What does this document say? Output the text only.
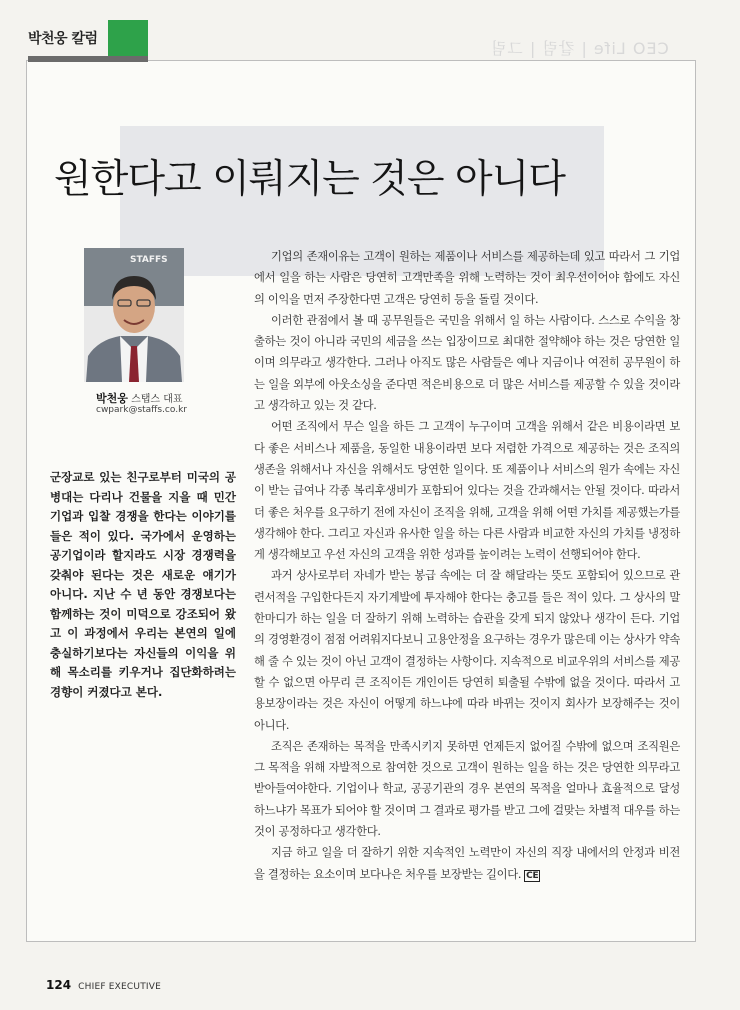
박천웅 칼럼	CEO Life | 칼럼 | 그림
원한다고 이뤄지는 것은 아니다
STAFFS
박천웅 스탭스 대표
cwpark@staffs.co.kr
군장교로 있는 친구로부터 미국의 공병대는 다리나 건물을 지을 때 민간 기업과 입찰 경쟁을 한다는 이야기를 들은 적이 있다. 국가에서 운영하는 공기업이라 할지라도 시장 경쟁력을 갖춰야 된다는 것은 새로운 얘기가 아니다. 지난 수 년 동안 경쟁보다는 함께하는 것이 미덕으로 강조되어 왔고 이 과정에서 우리는 본연의 일에 충실하기보다는 자신들의 이익을 위해 목소리를 키우거나 집단화하려는 경향이 커졌다고 본다.

기업의 존재이유는 고객이 원하는 제품이나 서비스를 제공하는데 있고 따라서 그 기업에서 일을 하는 사람은 당연히 고객만족을 위해 노력하는 것이 최우선이어야 함에도 자신의 이익을 먼저 주장한다면 고객은 당연히 등을 돌릴 것이다.

이러한 관점에서 볼 때 공무원들은 국민을 위해서 일 하는 사람이다. 스스로 수익을 창출하는 것이 아니라 국민의 세금을 쓰는 입장이므로 최대한 절약해야 하는 것은 당연한 일이며 의무라고 생각한다. 그러나 아직도 많은 사람들은 예나 지금이나 여전히 공무원이 하는 일을 외부에 아웃소싱을 준다면 적은비용으로 더 많은 서비스를 제공할 수 있을 것이라고 생각하고 있는 것 같다.

어떤 조직에서 무슨 일을 하든 그 고객이 누구이며 고객을 위해서 같은 비용이라면 보다 좋은 서비스나 제품을, 동일한 내용이라면 보다 저렴한 가격으로 제공하는 것은 조직의 생존을 위해서나 자신을 위해서도 당연한 일이다. 또 제품이나 서비스의 원가 속에는 자신이 받는 급여나 각종 복리후생비가 포함되어 있다는 것을 간과해서는 안될 것이다. 따라서 더 좋은 처우를 요구하기 전에 자신이 조직을 위해, 고객을 위해 어떤 가치를 제공했는가를 생각해야 한다. 그리고 자신과 유사한 일을 하는 다른 사람과 비교한 자신의 가치를 냉정하게 생각해보고 우선 자신의 고객을 위한 성과를 높이려는 노력이 선행되어야 한다.

과거 상사로부터 자네가 받는 봉급 속에는 더 잘 해달라는 뜻도 포함되어 있으므로 관련서적을 구입한다든지 자기계발에 투자해야 한다는 충고를 들은 적이 있다. 그 상사의 말 한마디가 하는 일을 더 잘하기 위해 노력하는 습관을 갖게 되지 않았나 생각이 든다. 기업의 경영환경이 점점 어려워지다보니 고용안정을 요구하는 경우가 많은데 이는 상사가 약속해 줄 수 있는 것이 아닌 고객이 결정하는 사항이다. 지속적으로 비교우위의 서비스를 제공할 수 없으면 아무리 큰 조직이든 개인이든 당연히 퇴출될 수밖에 없을 것이다. 따라서 고용보장이라는 것은 자신이 어떻게 하느냐에 따라 바뀌는 것이지 회사가 보장해주는 것이 아니다.

조직은 존재하는 목적을 만족시키지 못하면 언제든지 없어질 수밖에 없으며 조직원은 그 목적을 위해 자발적으로 참여한 것으로 고객이 원하는 일을 하는 것은 당연한 의무라고 받아들여야한다. 기업이나 학교, 공공기관의 경우 본연의 목적을 얼마나 효율적으로 달성하느냐가 목표가 되어야 할 것이며 그 결과로 평가를 받고 그에 걸맞는 차별적 대우를 하는 것이 공정하다고 생각한다.

지금 하고 일을 더 잘하기 위한 지속적인 노력만이 자신의 직장 내에서의 안정과 비전을 결정하는 요소이며 보다나은 처우를 보장받는 길이다. CE

124 CHIEF EXECUTIVE
